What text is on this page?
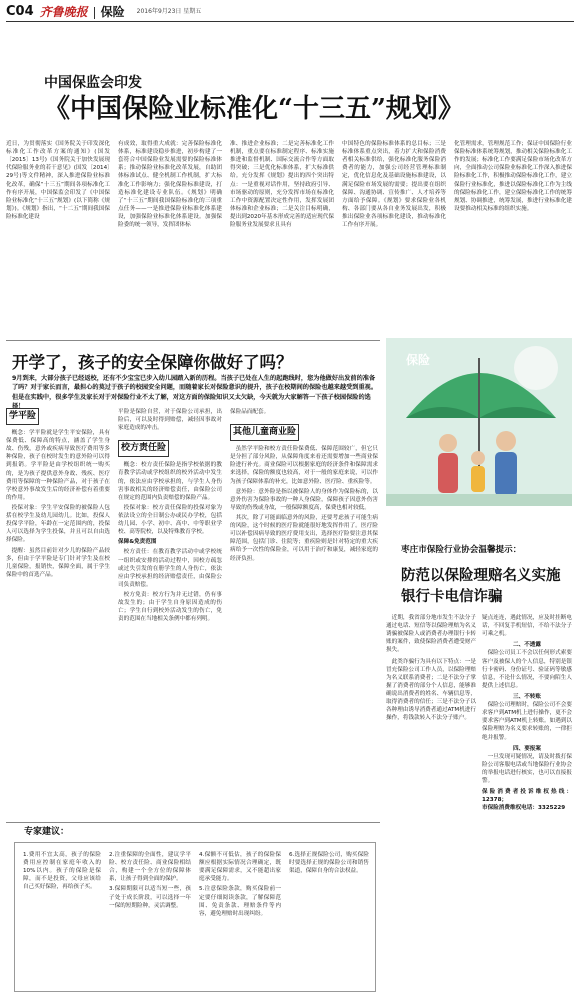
C04 齐鲁晚报 保险 2016年9月23日 星期五
中国保监会印发
《中国保险业标准化“十三五”规划》
近日，为贯彻落实《国务院关于印发深化标准化工作改革方案的通知》(国发〔2015〕13号)《国务院关于加快发展现代保险服务业的若干意见》(国发〔2014〕29号)等文件精神，深入推进保险业标准化改革，确保“十三五”期间各项标准化工作有序开展，中国保监会印发了《中国保险业标准化“十三五”规划》(以下简称《规划》)。《规划》指出，“十二五”期间我国保险标准化建设
有成效，取得重大成就：完善保险标准化体系，标准建设稳步推进，初步构建了一套符合中国保险业发展需要的保险标准体系；推动保险业标准化改革发展，自助团体标准试点、健全机制工作机制，扩大标准化工作影响力；强化保险标准建设，打造标准化建设专业队伍。《规划》明确了“十三五”期间我国保险标准化的三项重点任务——一是推进保险业标准化体系建设，加强保险业标准化体系建设。加强保险委的统一领导，发挥团体标
准、推进企业标准；二是完善标准化工作机制，重点要在标准制定程序、标准实施推进和监督机制、国际交流合作等方面取得突破；三是优化标准体系，扩大标准供给。充分发挥《规划》提出的四个突出特点：一是重视对话作用，坚持政府引导、市场驱动的原则，充分发挥市场在标准化工作中资源配置决定性作用，发挥发展团体标准和企业标准；二是关注目标明确，提出到2020年基本形成完善的适应现代保险服务业发展要求且具有
中国特色的保险标准体系的总目标；三是标准体系重点突出，着力扩大和保险消费者相关标准供给，强化标准化服务保险消费者的能力，加强公司经营管理标准制定，优化信息化及基础设施标准建设，以满足保险市场发展的需要；提出要在组织保障、沟通协调、宣传推广、人才培养等方面给予保障。《规划》要求保险业各机构、各部门要从各自业务发展出发，积极推出保险业各项标准化建设，推动标准化工作有序开展。
化管理需求，管理规范工作；保证中国保险行业保险标准体系统筹规划，推动相关保险标准化工作的发展；标准化工作要满足保险市场化改革方向，全面推动公司保险业标准化工作深入推进保险标准化工作，积极推动保险标准化工作，建立保险行业标准化，推进以保险标准化工作为主线的保险标准化工作，建立保险标准化工作的统筹规划、协调推进，统筹发展，推进行业标准化建设要推动相关标准的组织实施。
开学了，孩子的安全保障你做好了吗？
9月到来，大部分孩子已经返校，还有不少宝宝已步入幼儿园踏入新的历程。当孩子已处在人生的起跑线时，您为他做好出发前的准备了吗？对于家长而言，最担心的莫过于孩子的校园安全问题，而随着家长对保险意识的提升，孩子在校期间的保险也越来越受到重视。但是在实践中，很多学生及家长对于对保险行业不太了解，对这方面的保险知识又太欠缺，今天就为大家解答一下孩子校园保险的选择！
学平险

概念：学平险就是学生平安保险，具有保费低、保障高的特点，涵盖了学生身故、伤残，意外或疾病导致医疗费用等多种保险，孩子在校时发生的意外险可以得到报销。学平险是由学校组织统一购买的，是为孩子提供意外身故、残疾、医疗费用等保障的一种保险产品，对于孩子在学校意外事故发生后的经济补偿有着重要的作用。

投保对象：学生平安保险的被保险人包括在校学生及幼儿园幼儿。比如，投保人投保学平险，年龄在一定范围内的，投保人可以选择为学生投保，并且可以自由选择保险。

提醒：虽然目前针对少儿的保险产品较多，但由于学平险是专门针对学生及在校儿童保险，报销快，保障全面，属于学生保险中的首选产品。

平险是保险自营，对于保险公司承担，出险后，可以及时得到赔偿，减轻因事故对家庭造成的冲击。

校方责任险

概念：校方责任保险是指学校依据的教育教学活动或学校组织的校外活动中发生的，依法应由学校承担的，与学生人身伤害事故相关的经济赔偿责任，由保险公司在规定的范围内负责赔偿的保险产品。

投保对象：校方责任保险的投保对象为依法设立的全日制公办或民办学校，包括幼儿园、小学、初中、高中、中等职业学校、高等院校，以及特殊教育学校。

保障&免责范围

校方责任：在教育教学活动中或学校统一组织或安排的活动过程中，因校方疏忽或过失引发的在册学生的人身伤亡，依法应由学校承担的经济赔偿责任，由保险公司负责赔偿。

校方免责：校方行为并无过错，仍有事故发生的；由于学生自身原因造成的伤亡；学生自行到校外活动发生的伤亡，免责的范围在当地相关条例中都有列明。

保险品而配套。

其他儿童商业险

虽然学平险和校方责任险保费低、保障范围较广，但它只是分担了部分风险，从保障角度来看还需要增加一些商业保险进行补充。商业保险可以根据家庭的经济条件和保障需求来选择，保险的额度也较高，对于一般的家庭来说，可以作为孩子保障体系的补充，比如意外险、医疗险、重疾险等。

意外险：意外险是指以被保险人的身体作为保险标的，以意外伤害为保险事故的一种人身保险，保障孩子因意外伤害导致的伤残或身故，一般保障额度高，保费也相对较低。

其次，除了可能面临意外的风险，还要考虑孩子可能生病的风险，这个时候的医疗险就能很好地发挥作用了。医疗险可以补偿因病导致的医疗费用支出，选择医疗险要注意其保障范围，包括门诊、住院等；重疾险则是针对特定的重大疾病给予一次性的保险金，可以用于治疗和康复，减轻家庭的经济负担。

保险
枣庄市保险行业协会温馨提示：
防范以保险理赔名义实施银行卡电信诈骗

近期，我省部分地市发生不法分子通过电话、短信等以保险理赔为名义诱骗被保险人或消费者办理银行卡转账的案件，致使保险消费者遭受财产损失。

此类诈骗行为具有以下特点：一是冒充保险公司工作人员，以保险理赔为名义联系消费者；二是不法分子掌握了消费者的部分个人信息，能够准确说出消费者的姓名、车辆信息等，取得消费者的信任；三是不法分子以各种理由诱导消费者通过ATM机进行操作，将钱款转入不法分子账户。

疑点连连，遇此情况，应及时挂断电话，不回复手机短信，不给不法分子可乘之机。

二、不透露

保险公司员工不会以任何形式索要客户及被保人的个人信息，特别是银行卡密码、身份证号、验证码等敏感信息，不论什么情况，不要向陌生人提供上述信息。

三、不转账

保险公司理赔时，保险公司不会要求客户到ATM机上进行操作，更不会要求客户到ATM机上转账。如遇到以保险理赔为名义要求转账的，一律拒绝并报警。

四、要报案

一旦发现可疑情况，请及时拨打保险公司客服电话或当地保险行业协会的举报电话进行核实，也可以直接报警。

保险消费者投诉维权热线：12378；

市保险消费维权电话：3325229

专家建议：

1.费用不宜太高，孩子的保险费用应控制在家庭年收入的10%以内。孩子的保险是保障，而不是投资，父母应该给自己买好保险，再给孩子买。

2.注重保障的全面性，建议学平险、校方责任险、商业保险相结合，构建一个全方位的保障体系，让孩子得到全面的保护。

3.保障期限可以适当短一些，孩子处于成长阶段，可以选择一年一保的短期险种，灵活调整。

4.保额不可低估，孩子的保险保额应根据实际情况合理确定，既要满足保障需求，又不能超出家庭承受能力。

5.注意保险条款，购买保险前一定要仔细阅读条款，了解保障范围、免责条款、理赔条件等内容，避免理赔时出现纠纷。

6.选择正规保险公司，购买保险时要选择正规的保险公司和销售渠道，保障自身的合法权益。
